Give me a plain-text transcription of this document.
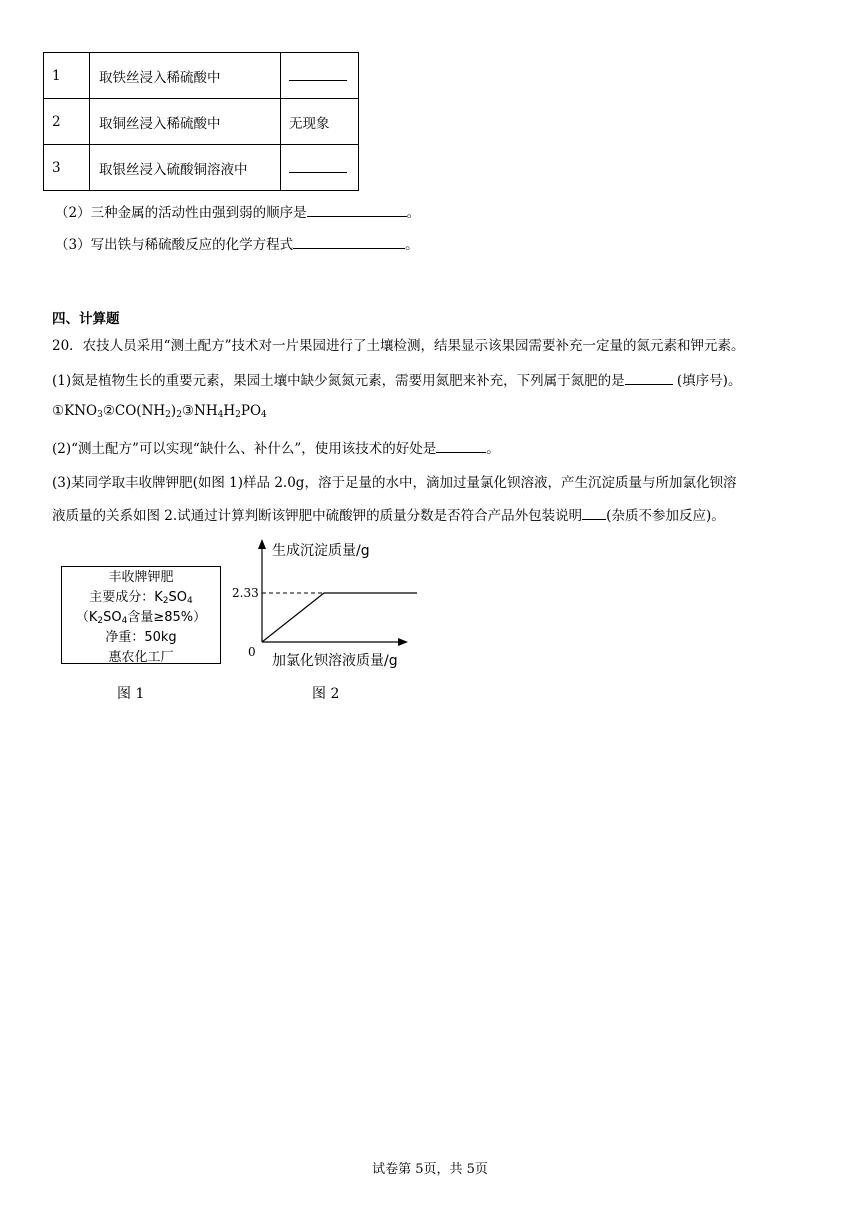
1	取铁丝浸入稀硫酸中	
2	取铜丝浸入稀硫酸中	无现象
3	取银丝浸入硫酸铜溶液中	
（2）三种金属的活动性由强到弱的顺序是	。
（3）写出铁与稀硫酸反应的化学方程式	。
四、计算题
20．农技人员采用“测土配方”技术对一片果园进行了土壤检测，结果显示该果园需要补充一定量的氮元素和钾元素。
(1)氮是植物生长的重要元素，果园土壤中缺少氮氮元素，需要用氮肥来补充，下列属于氮肥的是	(填序号)。
$①KNO_3②CO(NH_2)_2③NH_4H_2PO_4$
(2)“测土配方”可以实现“缺什么、补什么”，使用该技术的好处是	。
(3)某同学取丰收牌钾肥(如图 1)样品 2.0g，溶于足量的水中，滴加过量氯化钡溶液，产生沉淀质量与所加氯化钡溶
液质量的关系如图 2.试通过计算判断该钾肥中硫酸钾的质量分数是否符合产品外包装说明 (杂质不参加反应)。
丰收牌钾肥
主要成分：$K_2SO_4$
（$K_2SO_4$含量≥85%）
净重：50kg
惠农化工厂
图 1
生成沉淀质量/g
加氯化钡溶液质量/g
2.33
0
图 2
试卷第 5页，共 5页
